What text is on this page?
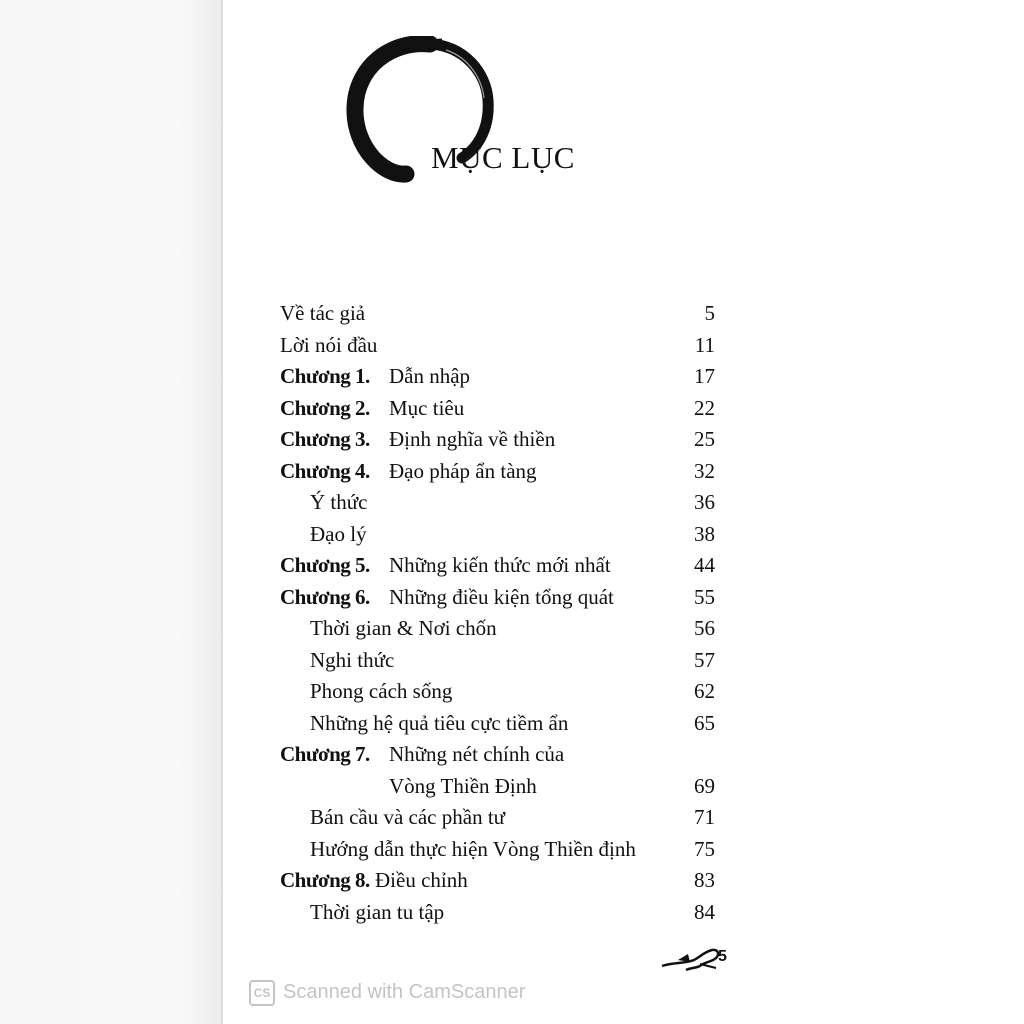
MỤC LỤC
Về tác giả	5
Lời nói đầu	11
Chương 1. Dẫn nhập	17
Chương 2. Mục tiêu	22
Chương 3. Định nghĩa về thiền	25
Chương 4. Đạo pháp ẩn tàng	32
Ý thức	36
Đạo lý	38
Chương 5. Những kiến thức mới nhất	44
Chương 6. Những điều kiện tổng quát	55
Thời gian & Nơi chốn	56
Nghi thức	57
Phong cách sống	62
Những hệ quả tiêu cực tiềm ẩn	65
Chương 7. Những nét chính của
Vòng Thiền Định	69
Bán cầu và các phần tư	71
Hướng dẫn thực hiện Vòng Thiền định	75
Chương 8. Điều chỉnh	83
Thời gian tu tập	84
5
CS Scanned with CamScanner
